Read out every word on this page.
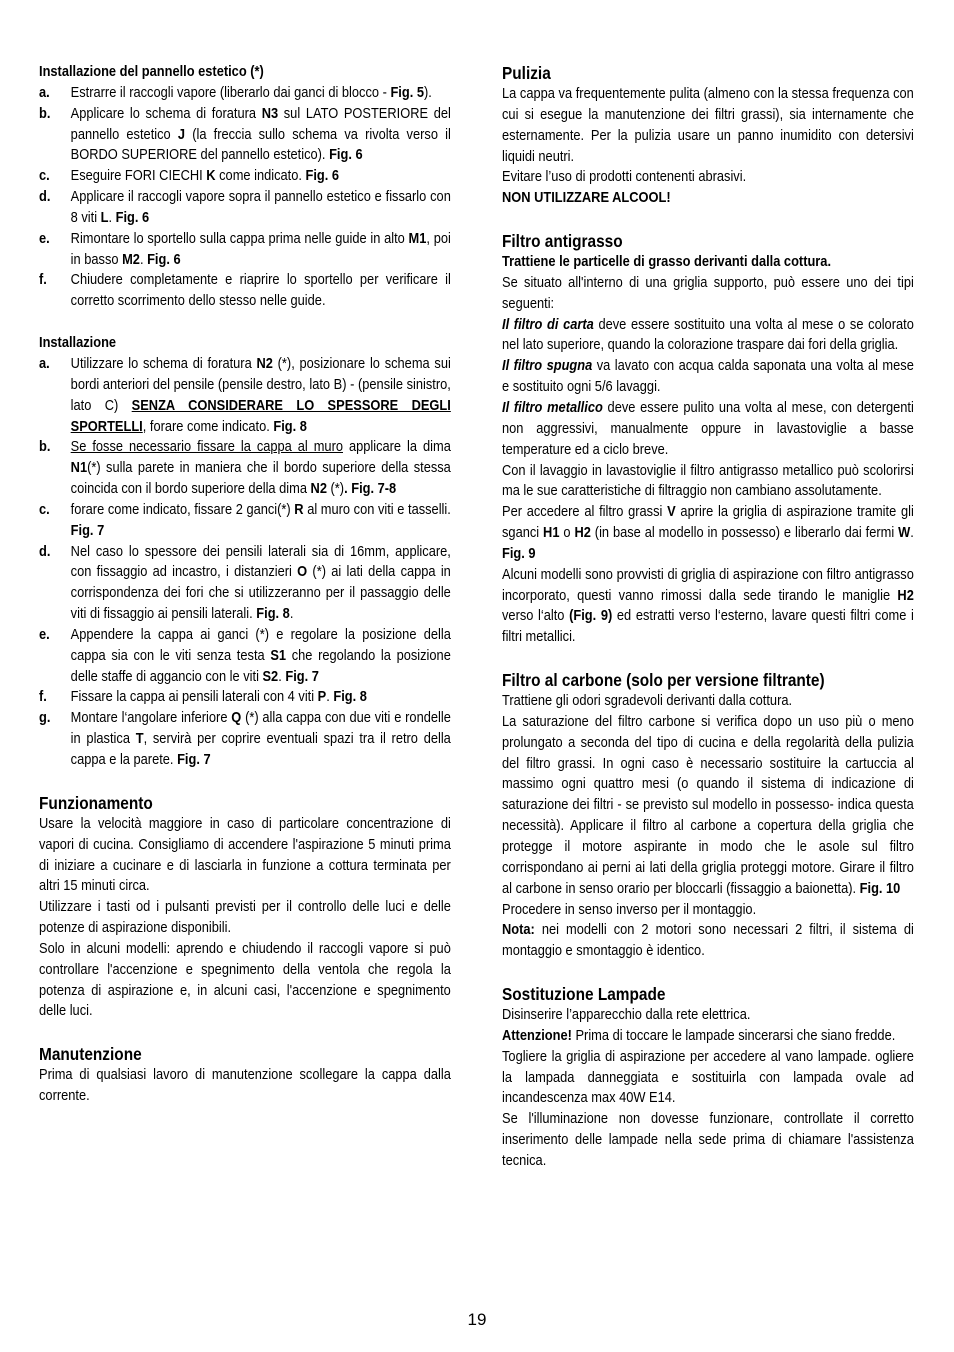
Installazione del pannello estetico (*)
a. Estrarre il raccogli vapore (liberarlo dai ganci di blocco - Fig. 5).
b. Applicare lo schema di foratura N3 sul LATO POSTERIORE del pannello estetico J (la freccia sullo schema va rivolta verso il BORDO SUPERIORE del pannello estetico). Fig. 6
c. Eseguire FORI CIECHI K come indicato. Fig. 6
d. Applicare il raccogli vapore sopra il pannello estetico e fissarlo con 8 viti L. Fig. 6
e. Rimontare lo sportello sulla cappa prima nelle guide in alto M1, poi in basso M2. Fig. 6
f. Chiudere completamente e riaprire lo sportello per verificare il corretto scorrimento dello stesso nelle guide.
Installazione
a. Utilizzare lo schema di foratura N2 (*), posizionare lo schema sui bordi anteriori del pensile (pensile destro, lato B) - (pensile sinistro, lato C) SENZA CONSIDERARE LO SPESSORE DEGLI SPORTELLI, forare come indicato. Fig. 8
b. Se fosse necessario fissare la cappa al muro applicare la dima N1(*) sulla parete in maniera che il bordo superiore della stessa coincida con il bordo superiore della dima N2 (*). Fig. 7-8
c. forare come indicato, fissare 2 ganci(*) R al muro con viti e tasselli. Fig. 7
d. Nel caso lo spessore dei pensili laterali sia di 16mm, applicare, con fissaggio ad incastro, i distanzieri O (*) ai lati della cappa in corrispondenza dei fori che si utilizzeranno per il passaggio delle viti di fissaggio ai pensili laterali. Fig. 8.
e. Appendere la cappa ai ganci (*) e regolare la posizione della cappa sia con le viti senza testa S1 che regolando la posizione delle staffe di aggancio con le viti S2. Fig. 7
f. Fissare la cappa ai pensili laterali con 4 viti P. Fig. 8
g. Montare l‘angolare inferiore Q (*) alla cappa con due viti e rondelle in plastica T, servirà per coprire eventuali spazi tra il retro della cappa e la parete. Fig. 7
Funzionamento

Usare la velocità maggiore in caso di particolare concentrazione di vapori di cucina. Consigliamo di accendere l'aspirazione 5 minuti prima di iniziare a cucinare e di lasciarla in funzione a cottura terminata per altri 15 minuti circa.

Utilizzare i tasti od i pulsanti previsti per il controllo delle luci e delle potenze di aspirazione disponibili.

Solo in alcuni modelli: aprendo e chiudendo il raccogli vapore si può controllare l'accenzione e spegnimento della ventola che regola la potenza di aspirazione e, in alcuni casi, l'accenzione e spegnimento delle luci.

Manutenzione

Prima di qualsiasi lavoro di manutenzione scollegare la cappa dalla corrente.

Pulizia

La cappa va frequentemente pulita (almeno con la stessa frequenza con cui si esegue la manutenzione dei filtri grassi), sia internamente che esternamente. Per la pulizia usare un panno inumidito con detersivi liquidi neutri.

Evitare l’uso di prodotti contenenti abrasivi.

NON UTILIZZARE ALCOOL!

Filtro antigrasso

Trattiene le particelle di grasso derivanti dalla cottura.

Se situato all'interno di una griglia supporto, può essere uno dei tipi seguenti:

Il filtro di carta deve essere sostituito una volta al mese o se colorato nel lato superiore, quando la colorazione traspare dai fori della griglia.

Il filtro spugna va lavato con acqua calda saponata una volta al mese e sostituito ogni 5/6 lavaggi.

Il filtro metallico deve essere pulito una volta al mese, con detergenti non aggressivi, manualmente oppure in lavastoviglie a basse temperature ed a ciclo breve.

Con il lavaggio in lavastoviglie il filtro antigrasso metallico può scolorirsi ma le sue caratteristiche di filtraggio non cambiano assolutamente.

Per accedere al filtro grassi V aprire la griglia di aspirazione tramite gli sganci H1 o H2 (in base al modello in possesso) e liberarlo dai fermi W. Fig. 9

Alcuni modelli sono provvisti di griglia di aspirazione con filtro antigrasso incorporato, questi vanno rimossi dalla sede tirando le maniglie H2 verso l‘alto (Fig. 9) ed estratti verso l‘esterno, lavare questi filtri come i filtri metallici.

Filtro al carbone (solo per versione filtrante)

Trattiene gli odori sgradevoli derivanti dalla cottura.

La saturazione del filtro carbone si verifica dopo un uso più o meno prolungato a seconda del tipo di cucina e della regolarità della pulizia del filtro grassi. In ogni caso è necessario sostituire la cartuccia al massimo ogni quattro mesi (o quando il sistema di indicazione di saturazione dei filtri - se previsto sul modello in possesso- indica questa necessità). Applicare il filtro al carbone a copertura della griglia che protegge il motore aspirante in modo che le asole sul filtro corrispondano ai perni ai lati della griglia proteggi motore. Girare il filtro al carbone in senso orario per bloccarli (fissaggio a baionetta). Fig. 10

Procedere in senso inverso per il montaggio.

Nota: nei modelli con 2 motori sono necessari 2 filtri, il sistema di montaggio e smontaggio è identico.

Sostituzione Lampade

Disinserire l’apparecchio dalla rete elettrica.

Attenzione! Prima di toccare le lampade sincerarsi che siano fredde.

Togliere la griglia di aspirazione per accedere al vano lampade. ogliere la lampada danneggiata e sostituirla con lampada ovale ad incandescenza max 40W E14.

Se l'illuminazione non dovesse funzionare, controllate il corretto inserimento delle lampade nella sede prima di chiamare l'assistenza tecnica.

19
